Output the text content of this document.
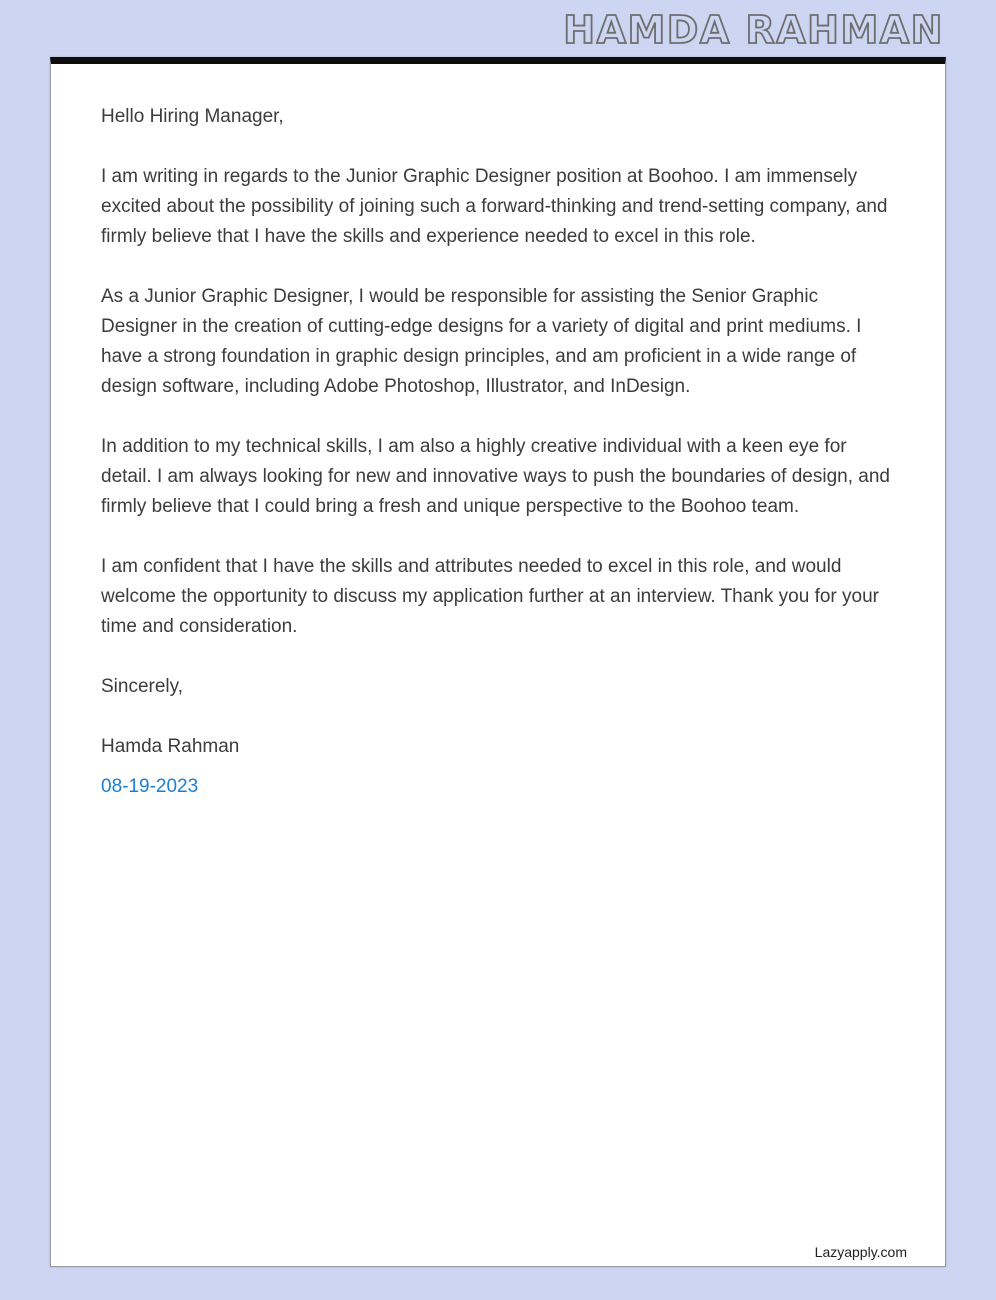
HAMDA RAHMAN

Hello Hiring Manager,

I am writing in regards to the Junior Graphic Designer position at Boohoo. I am immensely excited about the possibility of joining such a forward-thinking and trend-setting company, and firmly believe that I have the skills and experience needed to excel in this role.

As a Junior Graphic Designer, I would be responsible for assisting the Senior Graphic Designer in the creation of cutting-edge designs for a variety of digital and print mediums. I have a strong foundation in graphic design principles, and am proficient in a wide range of design software, including Adobe Photoshop, Illustrator, and InDesign.

In addition to my technical skills, I am also a highly creative individual with a keen eye for detail. I am always looking for new and innovative ways to push the boundaries of design, and firmly believe that I could bring a fresh and unique perspective to the Boohoo team.

I am confident that I have the skills and attributes needed to excel in this role, and would welcome the opportunity to discuss my application further at an interview. Thank you for your time and consideration.

Sincerely,

Hamda Rahman

08-19-2023

Lazyapply.com
